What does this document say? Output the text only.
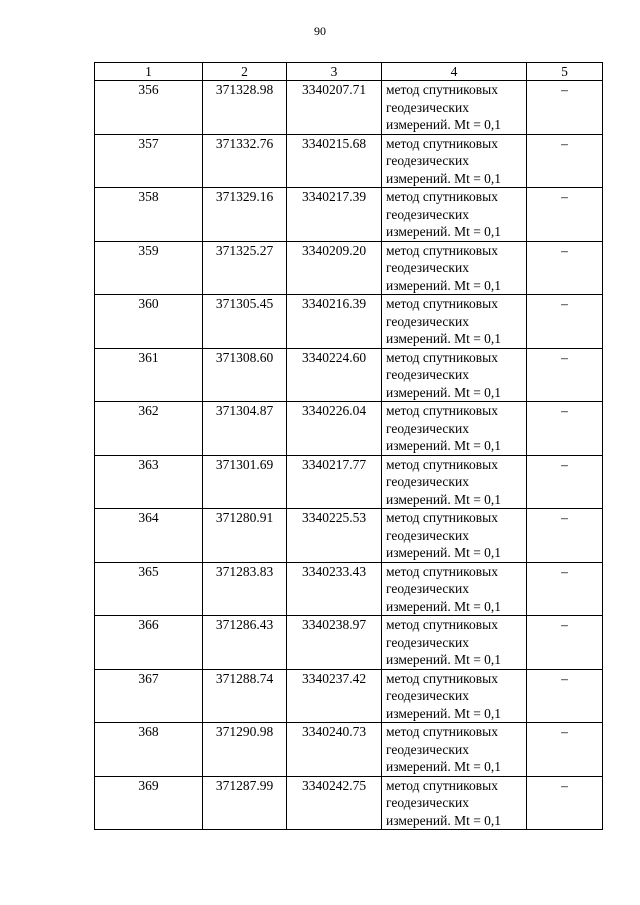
90
1	2	3	4	5
356	371328.98	3340207.71	метод спутниковых
геодезических
измерений. Mt = 0,1	–
357	371332.76	3340215.68	метод спутниковых
геодезических
измерений. Mt = 0,1	–
358	371329.16	3340217.39	метод спутниковых
геодезических
измерений. Mt = 0,1	–
359	371325.27	3340209.20	метод спутниковых
геодезических
измерений. Mt = 0,1	–
360	371305.45	3340216.39	метод спутниковых
геодезических
измерений. Mt = 0,1	–
361	371308.60	3340224.60	метод спутниковых
геодезических
измерений. Mt = 0,1	–
362	371304.87	3340226.04	метод спутниковых
геодезических
измерений. Mt = 0,1	–
363	371301.69	3340217.77	метод спутниковых
геодезических
измерений. Mt = 0,1	–
364	371280.91	3340225.53	метод спутниковых
геодезических
измерений. Mt = 0,1	–
365	371283.83	3340233.43	метод спутниковых
геодезических
измерений. Mt = 0,1	–
366	371286.43	3340238.97	метод спутниковых
геодезических
измерений. Mt = 0,1	–
367	371288.74	3340237.42	метод спутниковых
геодезических
измерений. Mt = 0,1	–
368	371290.98	3340240.73	метод спутниковых
геодезических
измерений. Mt = 0,1	–
369	371287.99	3340242.75	метод спутниковых
геодезических
измерений. Mt = 0,1	–
